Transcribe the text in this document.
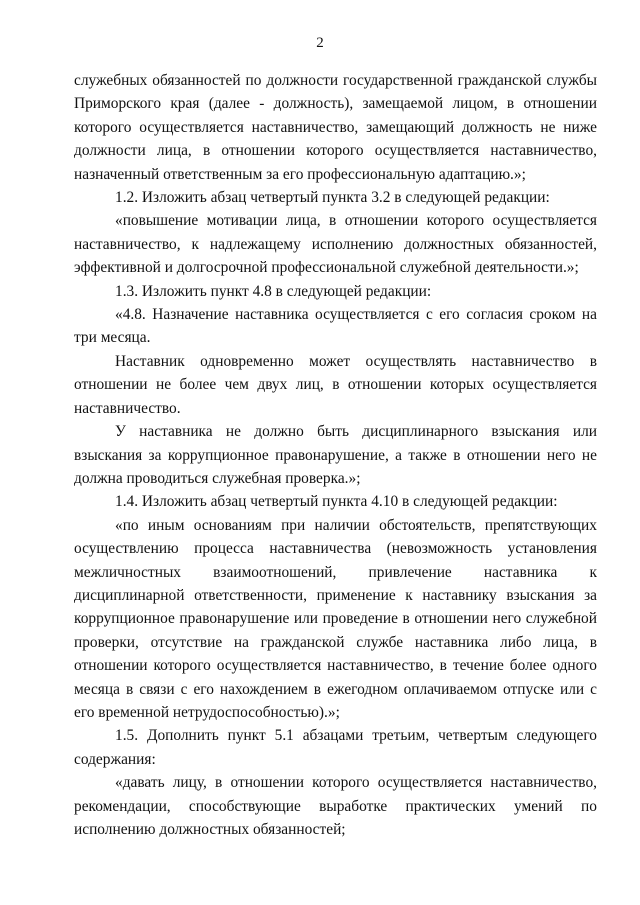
2

служебных обязанностей по должности государственной гражданской службы Приморского края (далее - должность), замещаемой лицом, в отношении которого осуществляется наставничество, замещающий должность не ниже должности лица, в отношении которого осуществляется наставничество, назначенный ответственным за его профессиональную адаптацию.»;

1.2. Изложить абзац четвертый пункта 3.2 в следующей редакции:

«повышение мотивации лица, в отношении которого осуществляется наставничество, к надлежащему исполнению должностных обязанностей, эффективной и долгосрочной профессиональной служебной деятельности.»;

1.3. Изложить пункт 4.8 в следующей редакции:

«4.8. Назначение наставника осуществляется с его согласия сроком на три месяца.

Наставник одновременно может осуществлять наставничество в отношении не более чем двух лиц, в отношении которых осуществляется наставничество.

У наставника не должно быть дисциплинарного взыскания или взыскания за коррупционное правонарушение, а также в отношении него не должна проводиться служебная проверка.»;

1.4. Изложить абзац четвертый пункта 4.10 в следующей редакции:

«по иным основаниям при наличии обстоятельств, препятствующих осуществлению процесса наставничества (невозможность установления межличностных взаимоотношений, привлечение наставника к дисциплинарной ответственности, применение к наставнику взыскания за коррупционное правонарушение или проведение в отношении него служебной проверки, отсутствие на гражданской службе наставника либо лица, в отношении которого осуществляется наставничество, в течение более одного месяца в связи с его нахождением в ежегодном оплачиваемом отпуске или с его временной нетрудоспособностью).»;

1.5. Дополнить пункт 5.1 абзацами третьим, четвертым следующего содержания:

«давать лицу, в отношении которого осуществляется наставничество, рекомендации, способствующие выработке практических умений по исполнению должностных обязанностей;
